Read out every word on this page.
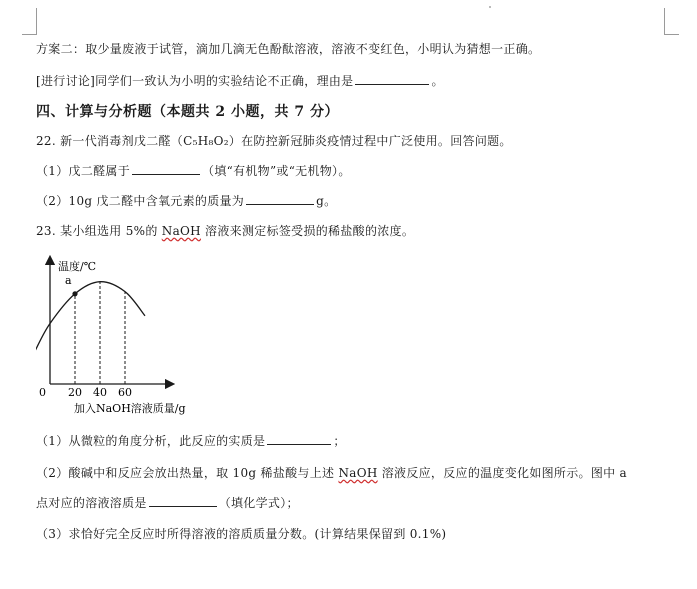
方案二：取少量废液于试管，滴加几滴无色酚酞溶液，溶液不变红色，小明认为猜想一正确。
[进行讨论]同学们一致认为小明的实验结论不正确，理由是	。
四、计算与分析题（本题共 2 小题，共 7 分）
22. 新一代消毒剂戊二醛（C₅H₈O₂）在防控新冠肺炎疫情过程中广泛使用。回答问题。
（1）戊二醛属于	（填“有机物”或“无机物）。
（2）10g 戊二醛中含氧元素的质量为	g。
23. 某小组选用 5%的 NaOH 溶液来测定标签受损的稀盐酸的浓度。
温度/℃
0
a
20 40 60
加入NaOH溶液质量/g
（1）从微粒的角度分析，此反应的实质是	；
（2）酸碱中和反应会放出热量，取 10g 稀盐酸与上述 NaOH 溶液反应，反应的温度变化如图所示。图中 a
点对应的溶液溶质是	（填化学式）；
（3）求恰好完全反应时所得溶液的溶质质量分数。(计算结果保留到 0.1%)
